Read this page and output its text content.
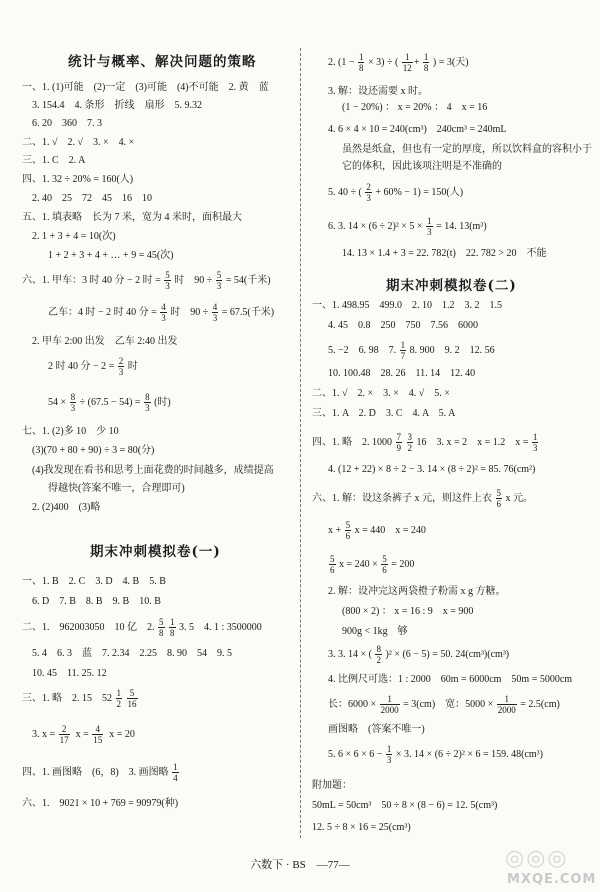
统计与概率、解决问题的策略
一、1. (1)可能　(2)一定　(3)可能　(4)不可能　2. 黄　蓝
3. 154.4　4. 条形　折线　扇形　5. 9.32
6. 20　360　7. 3
二、1. √　2. √　3. ×　4. ×
三、1. C　2. A
四、1. 32 ÷ 20% = 160(人)
2. 40　25　72　45　16　10
五、1. 填表略　长为 7 米，宽为 4 米时，面积最大
2. 1 + 3 + 4 = 10(次)
1 + 2 + 3 + 4 + … + 9 = 45(次)
六、1. 甲车：3 时 40 分 − 2 时 = $\frac{5}{3}$ 时　$90 \div \frac{5}{3} = 54$(千米)
乙车：4 时 − 2 时 40 分 = $\frac{4}{3}$ 时　$90 \div \frac{4}{3} = 67.5$(千米)
2. 甲车 2:00 出发　乙车 2:40 出发
2 时 40 分 − $2 = \frac{2}{3}$ 时
$54 \times \frac{8}{3} \div (67.5 - 54) = \frac{8}{3}$ (时)
七、1. (2)多 10　少 10
(3)(70 + 80 + 90) ÷ 3 = 80(分)
(4)我发现在看书和思考上面花费的时间越多，成绩提高
得越快(答案不唯一，合理即可)
2. (2)400　(3)略
期末冲刺模拟卷(一)
一、1. B　2. C　3. D　4. B　5. B
6. D　7. B　8. B　9. B　10. B
二、1.　962003050　10 亿　2. $\frac{5}{8}$
$\frac{1}{8} 3$. 5　4. 1 : 3500000
5. 4　6. 3　蓝　7. 2.34　2.25　8. 90　54　9. 5
10. 45　11. 25. 12
三、1. 略　2. 15　$52 \frac{1}{2}$
$\frac{5}{16}$
3. $x = \frac{2}{17}$ $x = \frac{4}{15}$ x = 20
四、1. 画图略　(6，8)　3. 画图略 $\frac{1}{4}$
六、1.　9021 × 10 + 769 = 90979(种)
2. $(1 - \frac{1}{8} \times 3)$ ÷ ( $\frac{1}{12} + \frac{1}{8}$ ) = 3(天)
3. 解：设还需要 x 时。
(1 − 20%) ： x = 20% ： 4　x = 16
4. 6 × 4 × 10 = 240(cm³)　240cm³ = 240mL
虽然是纸盒，但也有一定的厚度，所以饮料盒的容积小于
它的体积，因此该项注明是不准确的
5. 40 ÷ ( $\frac{2}{3} + 60\% - 1) = 150$(人)
6. 3. $14 \times (6 \div 2)^2 \times 5 \times \frac{1}{3} = 14$. 13(m³)
14. 13 × 1.4 + 3 = 22. 782(t)　22. 782 > 20　不能
期末冲刺模拟卷(二)
一、1. 498.95　499.0　2. 10　1.2　3. 2　1.5
4. 45　0.8　250　750　7.56　6000
5. −2　6. 98　7. $\frac{1}{7} 8$. 900　9. 2　12. 56
10. 100.48　28. 26　11. 14　12. 40
二、1. √　2. ×　3. ×　4. √　5. ×
三、1. A　2. D　3. C　4. A　5. A
四、1. 略　2. $1000 \frac{7}{9}$
$\frac{3}{2} 16$　3. x = 2　x = 1.2　$x = \frac{1}{3}$
4. (12 + 22) × 8 ÷ 2 − 3. 14 × (8 ÷ 2)² = 85. 76(cm²)
六、1. 解：设这条裤子 x 元，则这件上衣 $\frac{5}{6}$ x 元。
$x + \frac{5}{6}$ x = 440　x = 240
$\frac{5}{6}$ $x = 240 \times \frac{5}{6} = 200$
2. 解：设冲完这两袋橙子粉需 x g 方糖。
(800 × 2) ： x = 16 : 9　x = 900
900g < 1kg　够
3. 3. 14 × ( $\frac{8}{2} )^2 \times (6 - 5) = 50$. 24(cm³)(cm³)
4. 比例尺可选：1 : 2000　60m = 6000cm　50m = 5000cm
长：$6000 \times \frac{1}{2000} = 3(cm)$　宽：$5000 \times \frac{1}{2000} = 2.5(cm)$
画图略　(答案不唯一)
5. $6 \times 6 \times 6 - \frac{1}{3} \times 3$. 14 × (6 ÷ 2)² × 6 = 159. 48(cm³)
附加题：
50mL = 50cm³　50 ÷ 8 × (8 − 6) = 12. 5(cm³)
12. 5 ÷ 8 × 16 = 25(cm³)
六数下 · BS　—77—	◎◎◎
MXQE.COM
